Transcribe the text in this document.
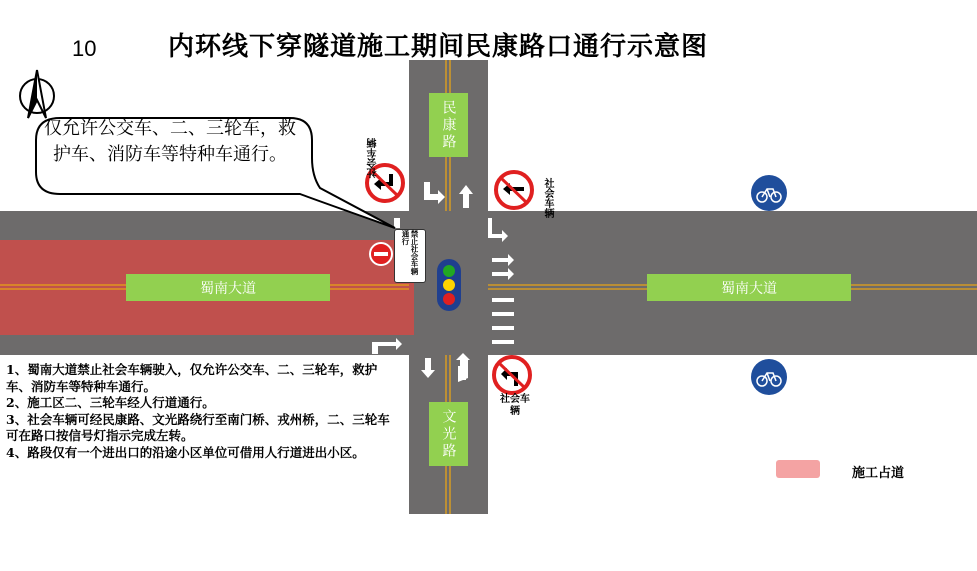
10	内环线下穿隧道施工期间民康路口通行示意图
民康路
文光路
蜀南大道	蜀南大道
仅允许公交车、二、三轮车，救护车、消防车等特种车通行。
禁止社会车辆通行
社会车辆
社会车辆
社会车辆
1、蜀南大道禁止社会车辆驶入，仅允许公交车、二、三轮车，救护车、消防车等特种车通行。
2、施工区二、三轮车经人行道通行。
3、社会车辆可经民康路、文光路绕行至南门桥、戎州桥，二、三轮车可在路口按信号灯指示完成左转。
4、路段仅有一个进出口的沿途小区单位可借用人行道进出小区。
施工占道
